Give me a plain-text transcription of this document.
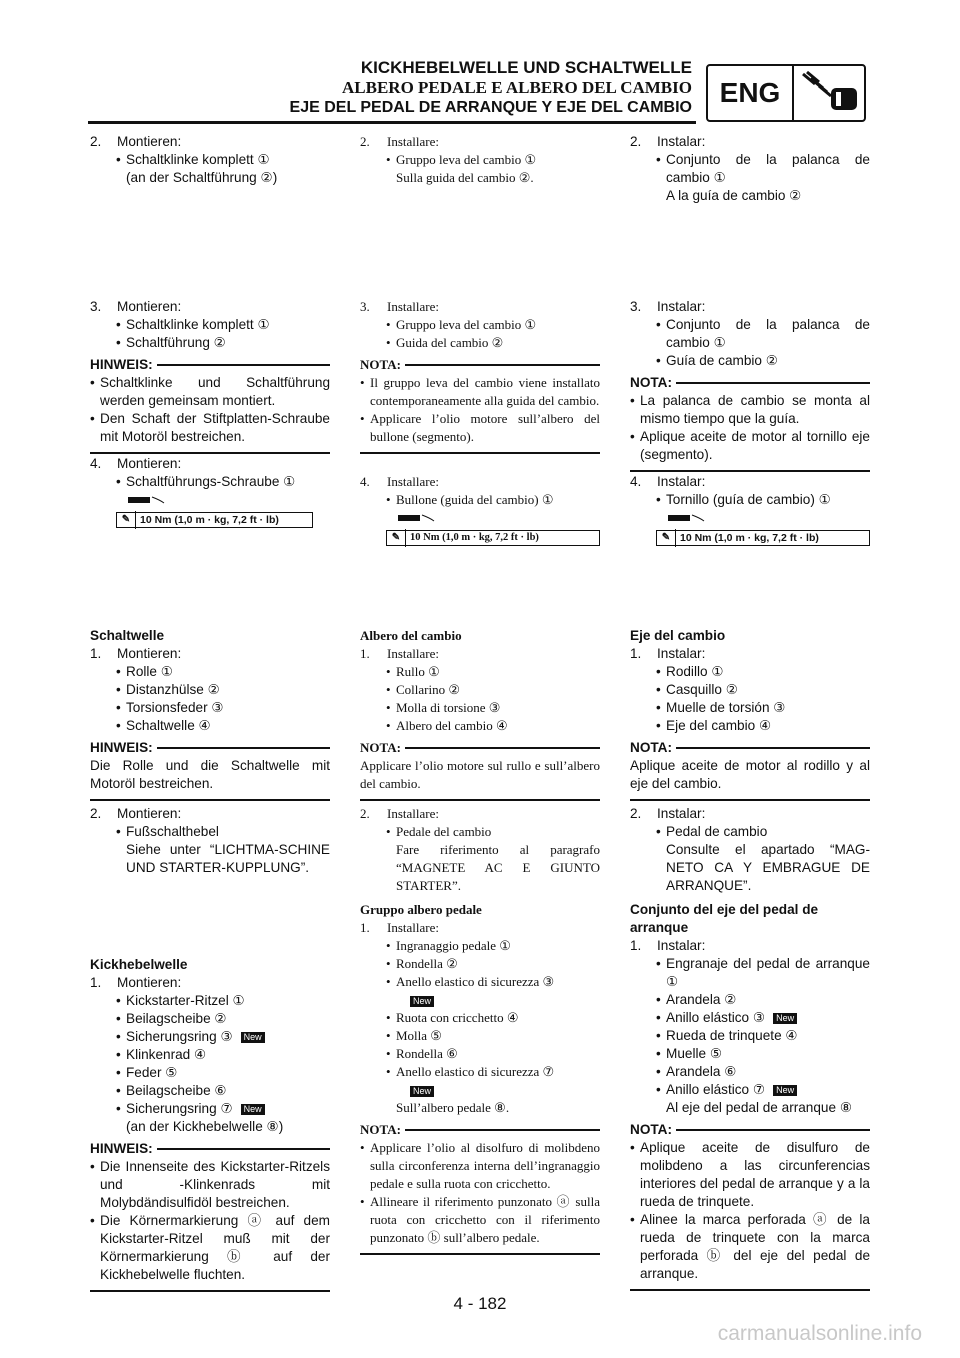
KICKHEBELWELLE UND SCHALTWELLE
ALBERO PEDALE E ALBERO DEL CAMBIO
EJE DEL PEDAL DE ARRANQUE Y EJE DEL CAMBIO ENG

2. Montieren:

• Schaltklinke komplett ①

(an der Schaltführung ②)

3. Montieren:

• Schaltklinke komplett ①

• Schaltführung ②

HINWEIS:

• Schaltklinke und Schaltführung werden gemeinsam montiert.

• Den Schaft der Stiftplatten-Schraube mit Motoröl bestreichen.

4. Montieren:

• Schaltführungs-Schraube ①

✎ 10 Nm (1,0 m · kg, 7,2 ft · lb)

Schaltwelle

1. Montieren:

• Rolle ①

• Distanzhülse ②

• Torsionsfeder ③

• Schaltwelle ④

HINWEIS:

Die Rolle und die Schaltwelle mit Motoröl bestreichen.

2. Montieren:

• Fußschalthebel

Siehe unter “LICHTMA-SCHINE UND STARTER-KUPPLUNG”.

Kickhebelwelle

1. Montieren:

• Kickstarter-Ritzel ①

• Beilagscheibe ②

• Sicherungsring ③ New

• Klinkenrad ④

• Feder ⑤

• Beilagscheibe ⑥

• Sicherungsring ⑦ New

(an der Kickhebelwelle ⑧)

HINWEIS:

• Die Innenseite des Kickstarter-Ritzels und -Klinkenrads mit Molybdändisulfidöl bestreichen.

• Die Körnermarkierung ⓐ auf dem Kickstarter-Ritzel muß mit der Körnermarkierung ⓑ auf der Kickhebelwelle fluchten.

2. Installare:

• Gruppo leva del cambio ①

Sulla guida del cambio ②.

3. Installare:

• Gruppo leva del cambio ①

• Guida del cambio ②

NOTA:

• Il gruppo leva del cambio viene installato contemporaneamente alla guida del cambio.

• Applicare l’olio motore sull’albero del bullone (segmento).

4. Installare:

• Bullone (guida del cambio) ①

✎ 10 Nm (1,0 m · kg, 7,2 ft · lb)

Albero del cambio

1. Installare:

• Rullo ①

• Collarino ②

• Molla di torsione ③

• Albero del cambio ④

NOTA:

Applicare l’olio motore sul rullo e sull’albero del cambio.

2. Installare:

• Pedale del cambio

Fare riferimento al paragrafo “MAGNETE AC E GIUNTO STARTER”.

Gruppo albero pedale

1. Installare:

• Ingranaggio pedale ①

• Rondella ②

• Anello elastico di sicurezza ③

New

• Ruota con cricchetto ④

• Molla ⑤

• Rondella ⑥

• Anello elastico di sicurezza ⑦

New

Sull’albero pedale ⑧.

NOTA:

• Applicare l’olio al disolfuro di molibdeno sulla circonferenza interna dell’ingranaggio pedale e sulla ruota con cricchetto.

• Allineare il riferimento punzonato ⓐ sulla ruota con cricchetto con il riferimento punzonato ⓑ sull’albero pedale.

2. Instalar:

• Conjunto de la palanca de cambio ①

A la guía de cambio ②

3. Instalar:

• Conjunto de la palanca de cambio ①

• Guía de cambio ②

NOTA:

• La palanca de cambio se monta al mismo tiempo que la guía.

• Aplique aceite de motor al tornillo eje (segmento).

4. Instalar:

• Tornillo (guía de cambio) ①

✎ 10 Nm (1,0 m · kg, 7,2 ft · lb)

Eje del cambio

1. Instalar:

• Rodillo ①

• Casquillo ②

• Muelle de torsión ③

• Eje del cambio ④

NOTA:

Aplique aceite de motor al rodillo y al eje del cambio.

2. Instalar:

• Pedal de cambio

Consulte el apartado “MAG-NETO CA Y EMBRAGUE DE ARRANQUE”.

Conjunto del eje del pedal de arranque

1. Instalar:

• Engranaje del pedal de arranque ①

• Arandela ②

• Anillo elástico ③ New

• Rueda de trinquete ④

• Muelle ⑤

• Arandela ⑥

• Anillo elástico ⑦ New

Al eje del pedal de arranque ⑧

NOTA:

• Aplique aceite de disulfuro de molibdeno a las circunferencias interiores del pedal de arranque y a la rueda de trinquete.

• Alinee la marca perforada ⓐ de la rueda de trinquete con la marca perforada ⓑ del eje del pedal de arranque.

4 - 182
carmanualsonline.info
